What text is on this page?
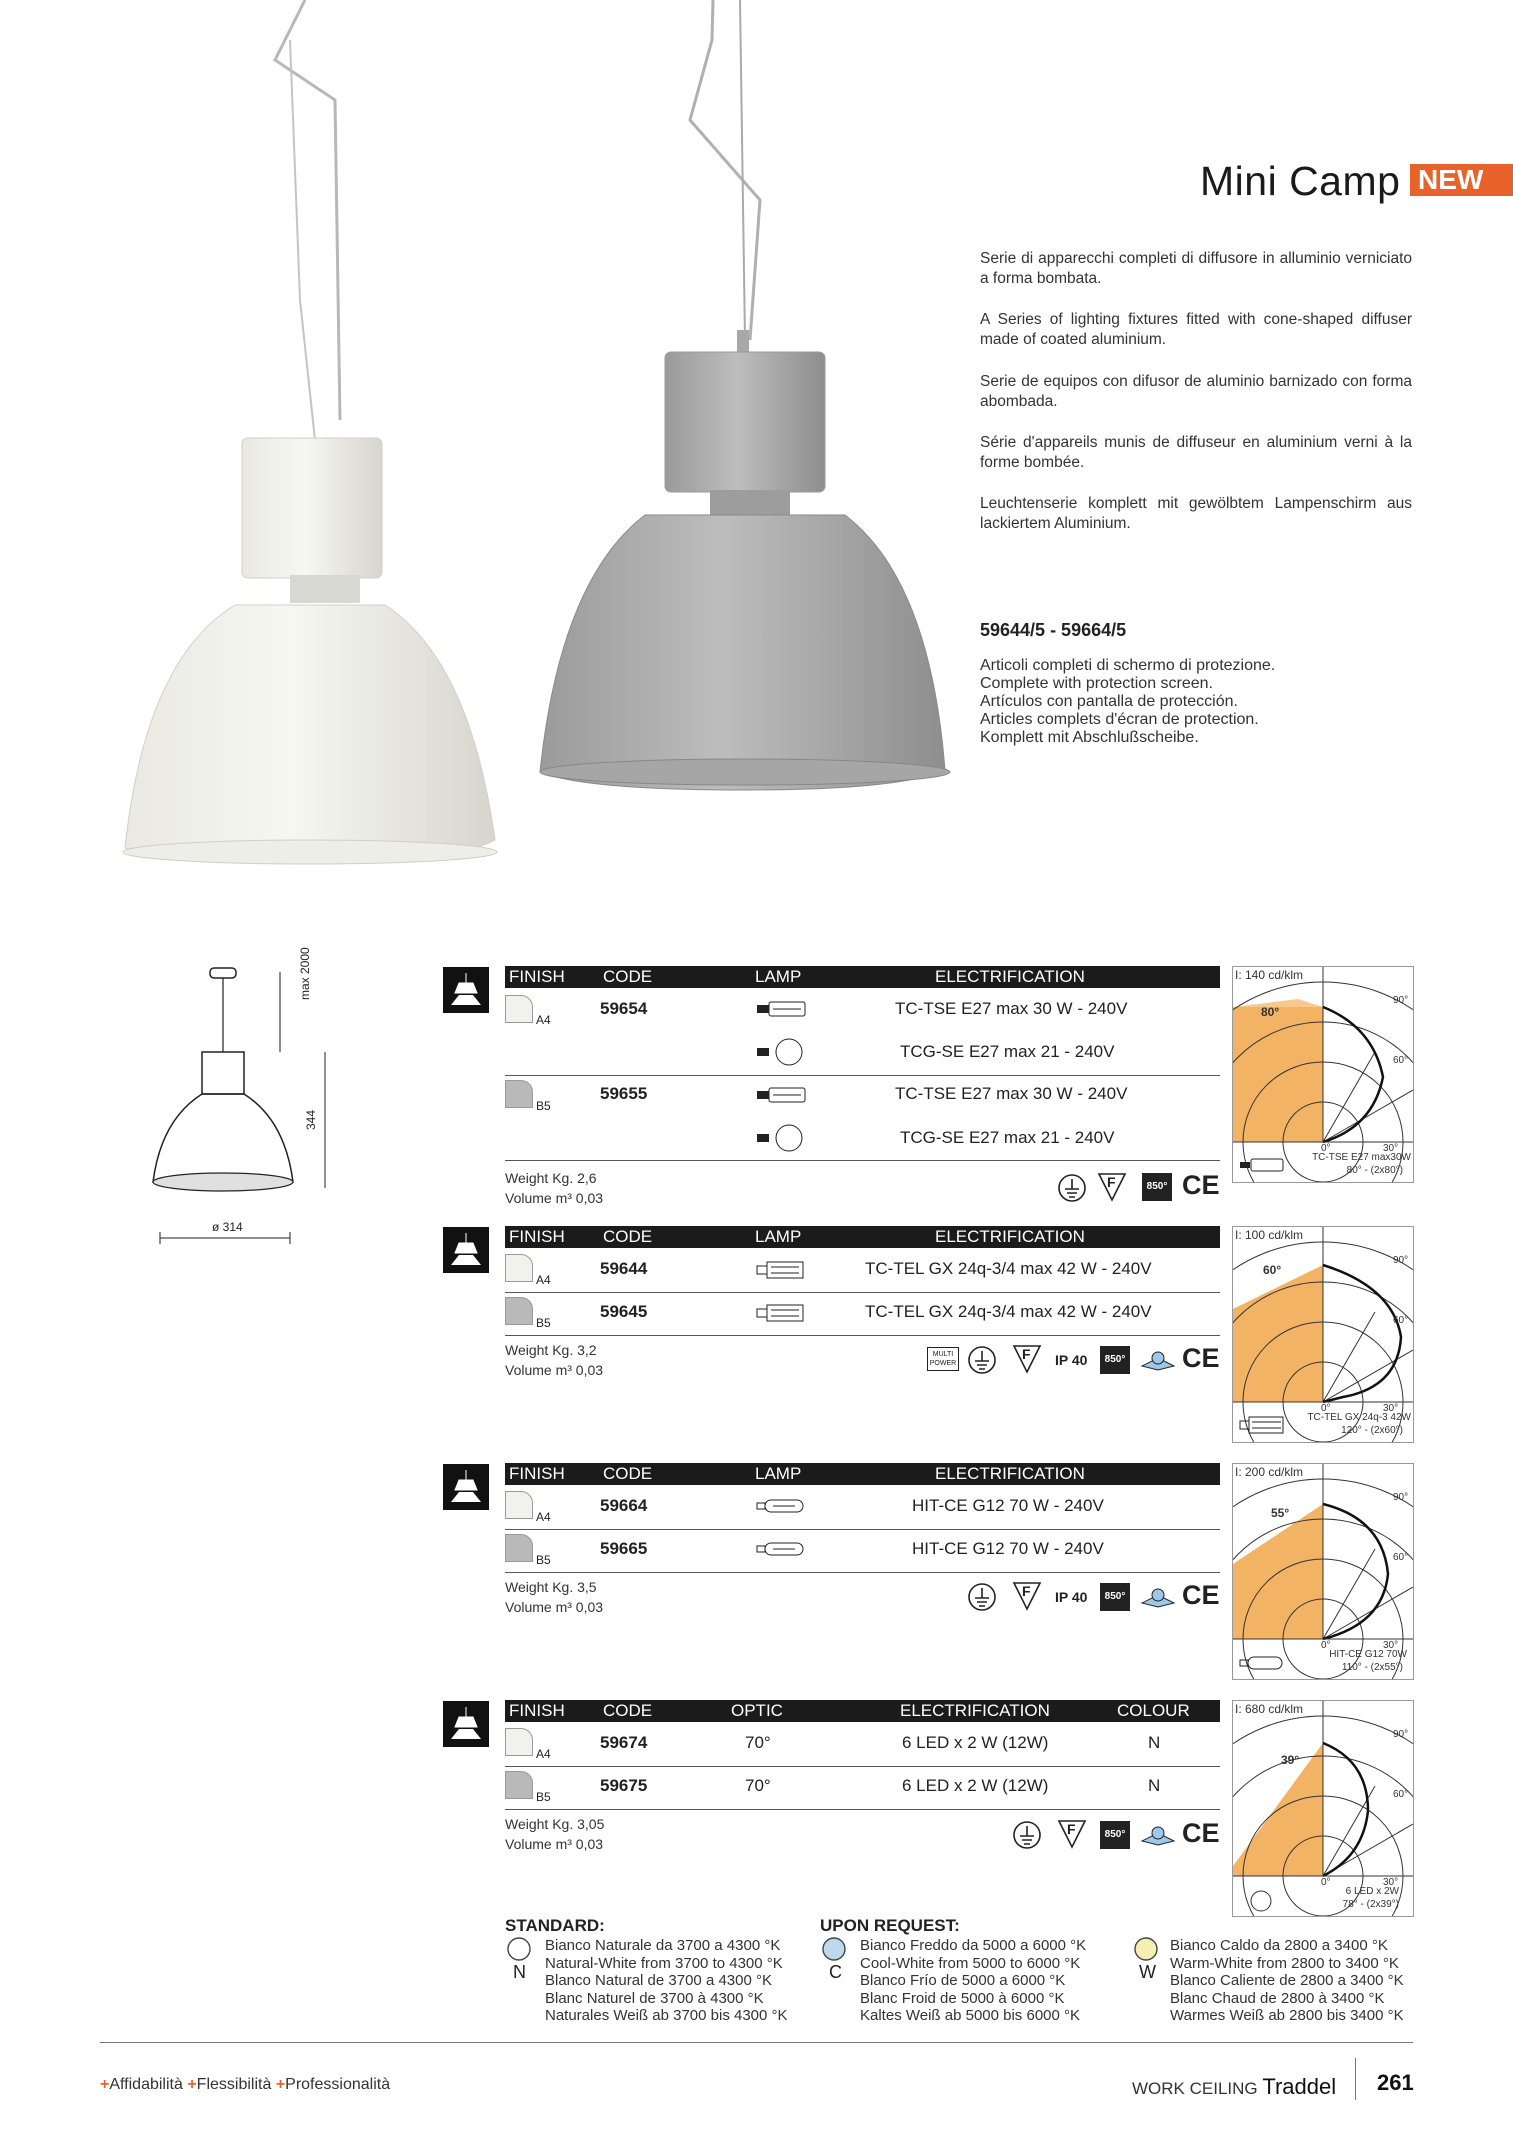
Mini Camp NEW
Serie di apparecchi completi di diffusore in alluminio verniciato a forma bombata.
A Series of lighting fixtures fitted with cone-shaped diffuser made of coated aluminium.
Serie de equipos con difusor de aluminio barnizado con forma abombada.
Série d'appareils munis de diffuseur en aluminium verni à la forme bombée.
Leuchtenserie komplett mit gewölbtem Lampenschirm aus lackiertem Aluminium.
59644/5 - 59664/5
Articoli completi di schermo di protezione.
Complete with protection screen.
Artículos con pantalla de protección.
Articles complets d'écran de protection.
Komplett mit Abschlußscheibe.
max 2000
344
ø 314
FINISH CODE	LAMP	ELECTRIFICATION
A4
59654	TC-TSE E27 max 30 W - 240V
TCG-SE E27 max 21 - 240V
B5
59655	TC-TSE E27 max 30 W - 240V
TCG-SE E27 max 21 - 240V
Weight Kg. 2,6
Volume m³ 0,03
F	850° CE
I: 140 cd/klm
80°
90°
60°
0°	30°
TC-TSE E27 max30W
80° - (2x80°)
FINISH CODE	LAMP	ELECTRIFICATION
A4
59644	TC-TEL GX 24q-3/4 max 42 W - 240V
B5
59645	TC-TEL GX 24q-3/4 max 42 W - 240V
Weight Kg. 3,2
Volume m³ 0,03
MULTI POWER
F IP 40	850° CE
I: 100 cd/klm
60°
90°
60°
0°	30°
TC-TEL GX 24q-3 42W
120° - (2x60°)
FINISH CODE	LAMP	ELECTRIFICATION
A4
59664	HIT-CE G12 70 W - 240V
B5
59665	HIT-CE G12 70 W - 240V
Weight Kg. 3,5
Volume m³ 0,03
F IP 40	850° CE
I: 200 cd/klm
55°
90°
60°
0°	30°
HIT-CE G12 70W
110° - (2x55°)
FINISH CODE	OPTIC	ELECTRIFICATION	COLOUR
A4
59674	70°	6 LED x 2 W (12W)	N
B5
59675	70°	6 LED x 2 W (12W)	N
Weight Kg. 3,05
Volume m³ 0,03
F	850° CE
I: 680 cd/klm
39°
90°
60°
0°	30°
6 LED x 2W
78° - (2x39°)
STANDARD:
N
Bianco Naturale da 3700 a 4300 °K
Natural-White from 3700 to 4300 °K
Blanco Natural de 3700 a 4300 °K
Blanc Naturel de 3700 à 4300 °K
Naturales Weiß ab 3700 bis 4300 °K
UPON REQUEST:
C
Bianco Freddo da 5000 a 6000 °K
Cool-White from 5000 to 6000 °K
Blanco Frío de 5000 a 6000 °K
Blanc Froid de 5000 à 6000 °K
Kaltes Weiß ab 5000 bis 6000 °K
W
Bianco Caldo da 2800 a 3400 °K
Warm-White from 2800 to 3400 °K
Blanco Caliente de 2800 a 3400 °K
Blanc Chaud de 2800 à 3400 °K
Warmes Weiß ab 2800 bis 3400 °K
+Affidabilità +Flessibilità +Professionalità	WORK CEILING Traddel 261
